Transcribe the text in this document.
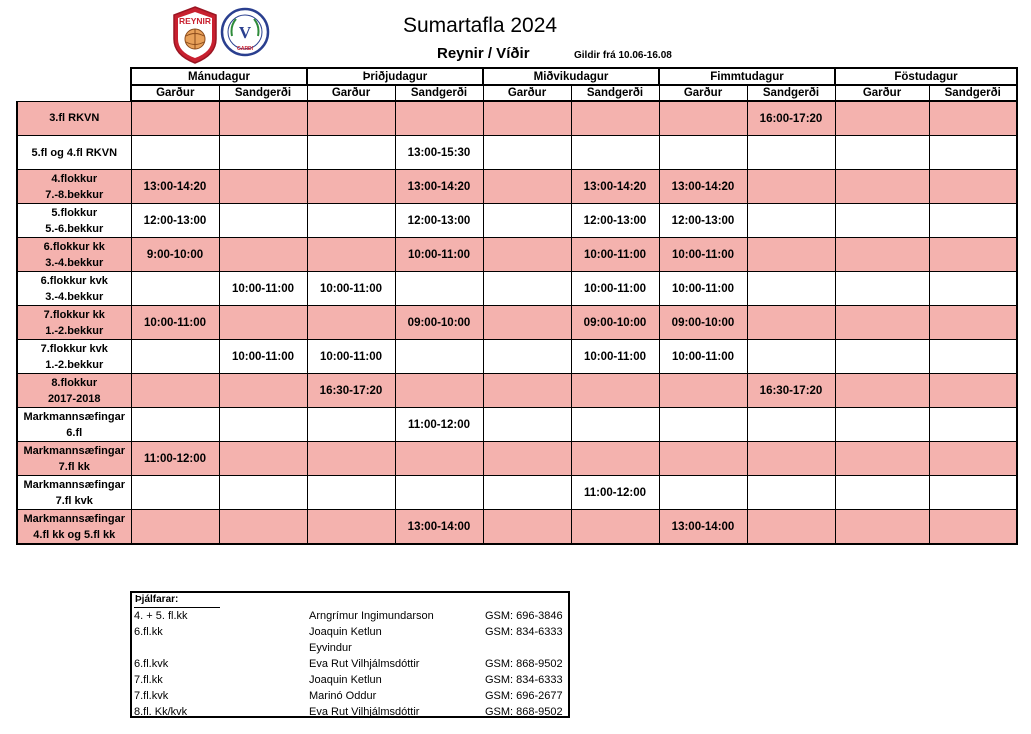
REYNIR
V
GARÐI
Sumartafla 2024
Reynir / Víðir	Gildir frá 10.06-16.08
	Mánudagur		Þriðjudagur		Miðvikudagur		Fimmtudagur		Föstudagur	
	Garður	Sandgerði	Garður	Sandgerði	Garður	Sandgerði	Garður	Sandgerði	Garður	Sandgerði

3.fl RKVN								16:00-17:20		

5.fl og 4.fl RKVN				13:00-15:30						

4.flokkur
7.-8.bekkur	13:00-14:20			13:00-14:20		13:00-14:20	13:00-14:20			

5.flokkur
5.-6.bekkur	12:00-13:00			12:00-13:00		12:00-13:00	12:00-13:00			

6.flokkur kk
3.-4.bekkur	9:00-10:00			10:00-11:00		10:00-11:00	10:00-11:00			

6.flokkur kvk
3.-4.bekkur		10:00-11:00	10:00-11:00			10:00-11:00	10:00-11:00			

7.flokkur kk
1.-2.bekkur	10:00-11:00			09:00-10:00		09:00-10:00	09:00-10:00			

7.flokkur kvk
1.-2.bekkur		10:00-11:00	10:00-11:00			10:00-11:00	10:00-11:00			

8.flokkur
2017-2018			16:30-17:20					16:30-17:20		

Markmannsæfingar
6.fl				11:00-12:00						

Markmannsæfingar
7.fl kk	11:00-12:00									

Markmannsæfingar
7.fl kvk						11:00-12:00				

Markmannsæfingar
4.fl kk og 5.fl kk				13:00-14:00			13:00-14:00			
Þjálfarar:
4. + 5. fl.kk	Arngrímur Ingimundarson	GSM: 696-3846
6.fl.kk	Joaquin Ketlun	GSM: 834-6333
Eyvindur
6.fl.kvk	Eva Rut Vilhjálmsdóttir	GSM: 868-9502
7.fl.kk	Joaquin Ketlun	GSM: 834-6333
7.fl.kvk	Marinó Oddur	GSM: 696-2677
8.fl. Kk/kvk	Eva Rut Vilhjálmsdóttir	GSM: 868-9502
